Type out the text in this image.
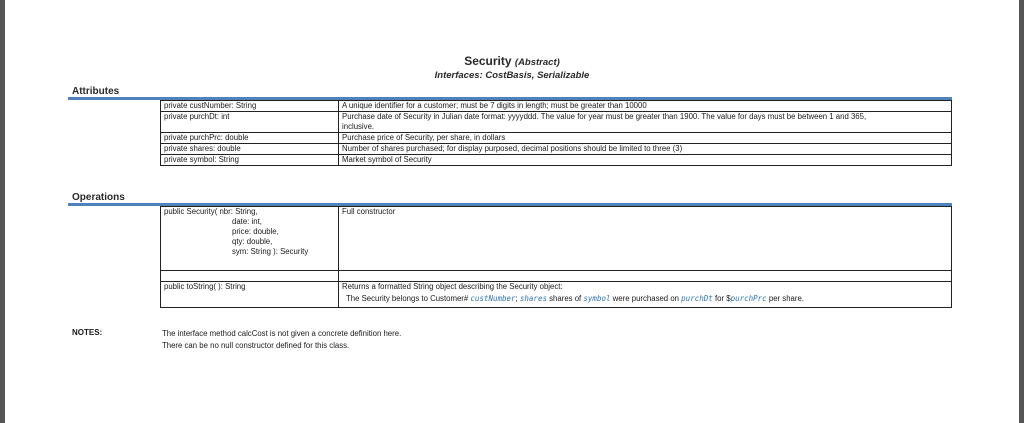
Security (Abstract)
Interfaces: CostBasis, Serializable
Attributes
private custNumber: String	A unique identifier for a customer; must be 7 digits in length; must be greater than 10000
private purchDt: int	Purchase date of Security in Julian date format: yyyyddd. The value for year must be greater than 1900. The value for days must be between 1 and 365,
inclusive.

private purchPrc: double	Purchase price of Security, per share, in dollars
private shares: double	Number of shares purchased; for display purposed, decimal positions should be limited to three (3)
private symbol: String	Market symbol of Security
Operations
public Security( nbr: String,
date: int,
price: double,
qty: double,
sym: String ): Security	Full constructor

public toString( ): String	Returns a formatted String object describing the Security object:
The Security belongs to Customer# custNumber; shares shares of symbol were purchased on purchDt for $purchPrc per share.
NOTES:	The interface method calcCost is not given a concrete definition here.
There can be no null constructor defined for this class.
